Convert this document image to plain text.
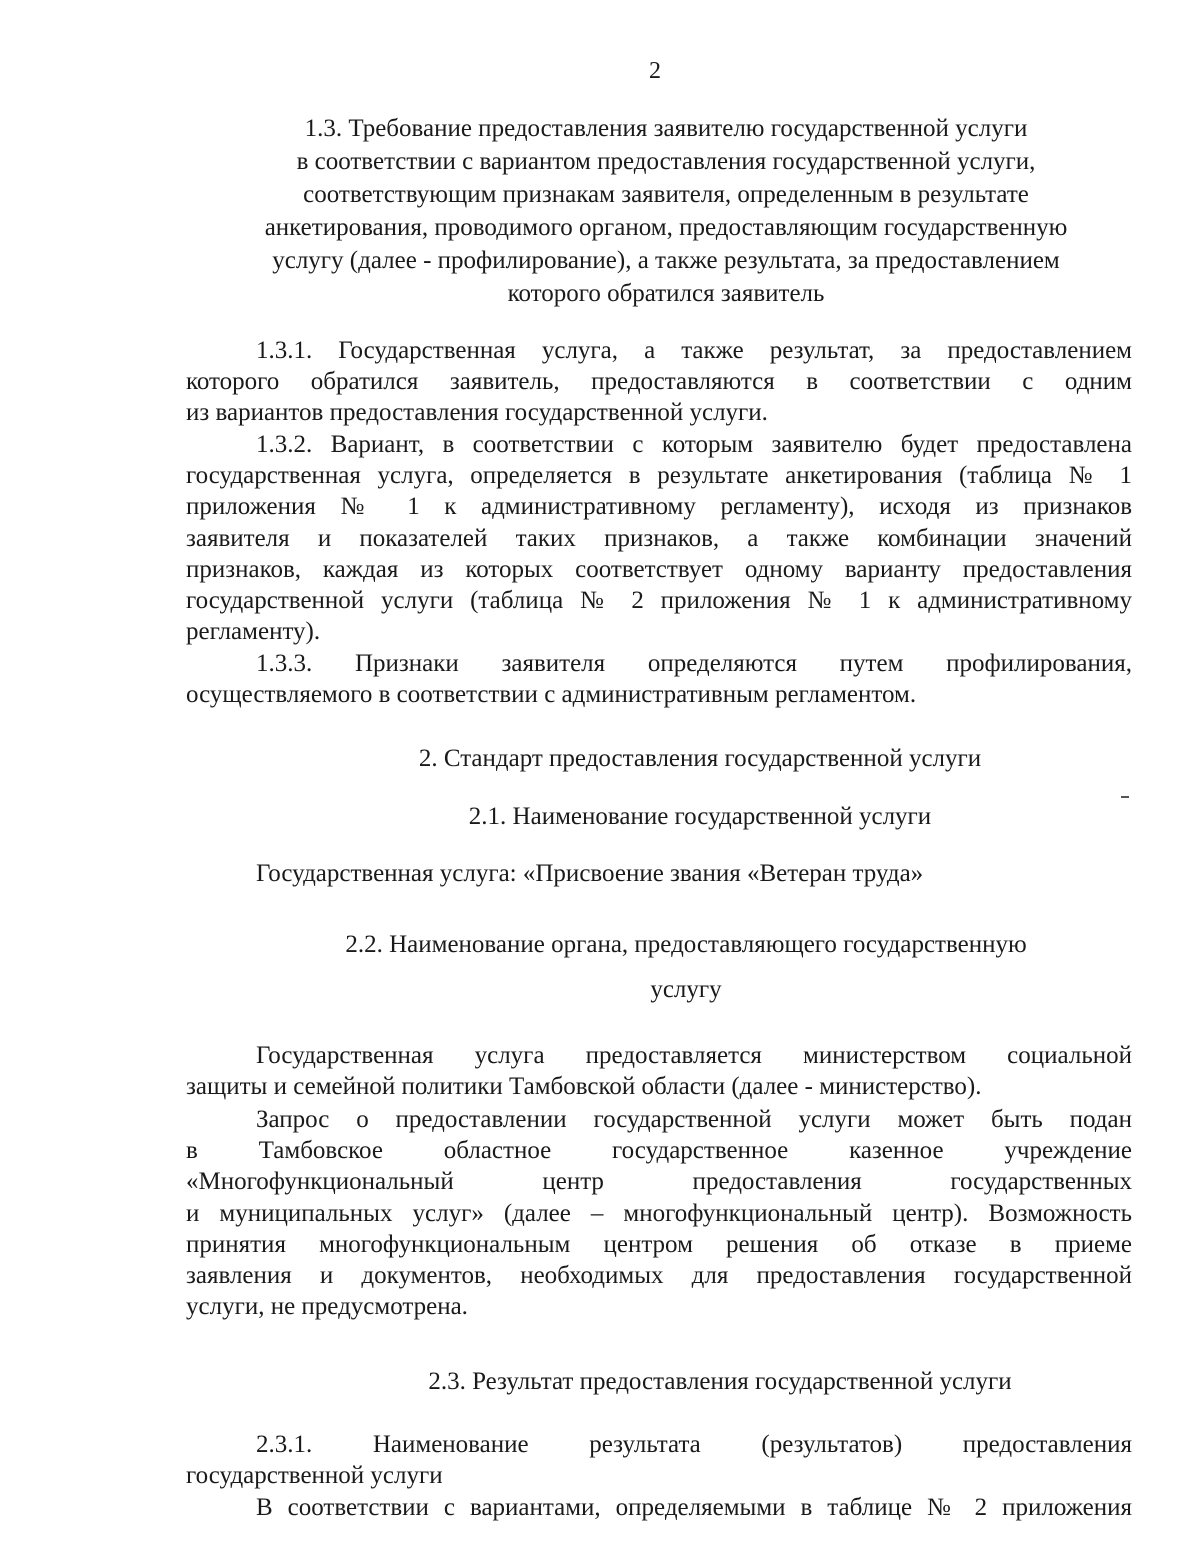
2
1.3. Требование предоставления заявителю государственной услуги
в соответствии с вариантом предоставления государственной услуги,
соответствующим признакам заявителя, определенным в результате
анкетирования, проводимого органом, предоставляющим государственную
услугу (далее - профилирование), а также результата, за предоставлением
которого обратился заявитель
1.3.1. Государственная услуга, а также результат, за предоставлением
которого обратился заявитель, предоставляются в соответствии с одним
из вариантов предоставления государственной услуги.
1.3.2. Вариант, в соответствии с которым заявителю будет предоставлена
государственная услуга, определяется в результате анкетирования (таблица № 1
приложения № 1 к административному регламенту), исходя из признаков
заявителя и показателей таких признаков, а также комбинации значений
признаков, каждая из которых соответствует одному варианту предоставления
государственной услуги (таблица № 2 приложения № 1 к административному
регламенту).
1.3.3. Признаки заявителя определяются путем профилирования,
осуществляемого в соответствии с административным регламентом.
2. Стандарт предоставления государственной услуги
2.1. Наименование государственной услуги
Государственная услуга: «Присвоение звания «Ветеран труда»
2.2. Наименование органа, предоставляющего государственную
услугу
Государственная услуга предоставляется министерством социальной
защиты и семейной политики Тамбовской области (далее - министерство).
Запрос о предоставлении государственной услуги может быть подан
в Тамбовское областное государственное казенное учреждение
«Многофункциональный центр предоставления государственных
и муниципальных услуг» (далее – многофункциональный центр). Возможность
принятия многофункциональным центром решения об отказе в приеме
заявления и документов, необходимых для предоставления государственной
услуги, не предусмотрена.
2.3. Результат предоставления государственной услуги
2.3.1. Наименование результата (результатов) предоставления
государственной услуги
В соответствии с вариантами, определяемыми в таблице № 2 приложения
